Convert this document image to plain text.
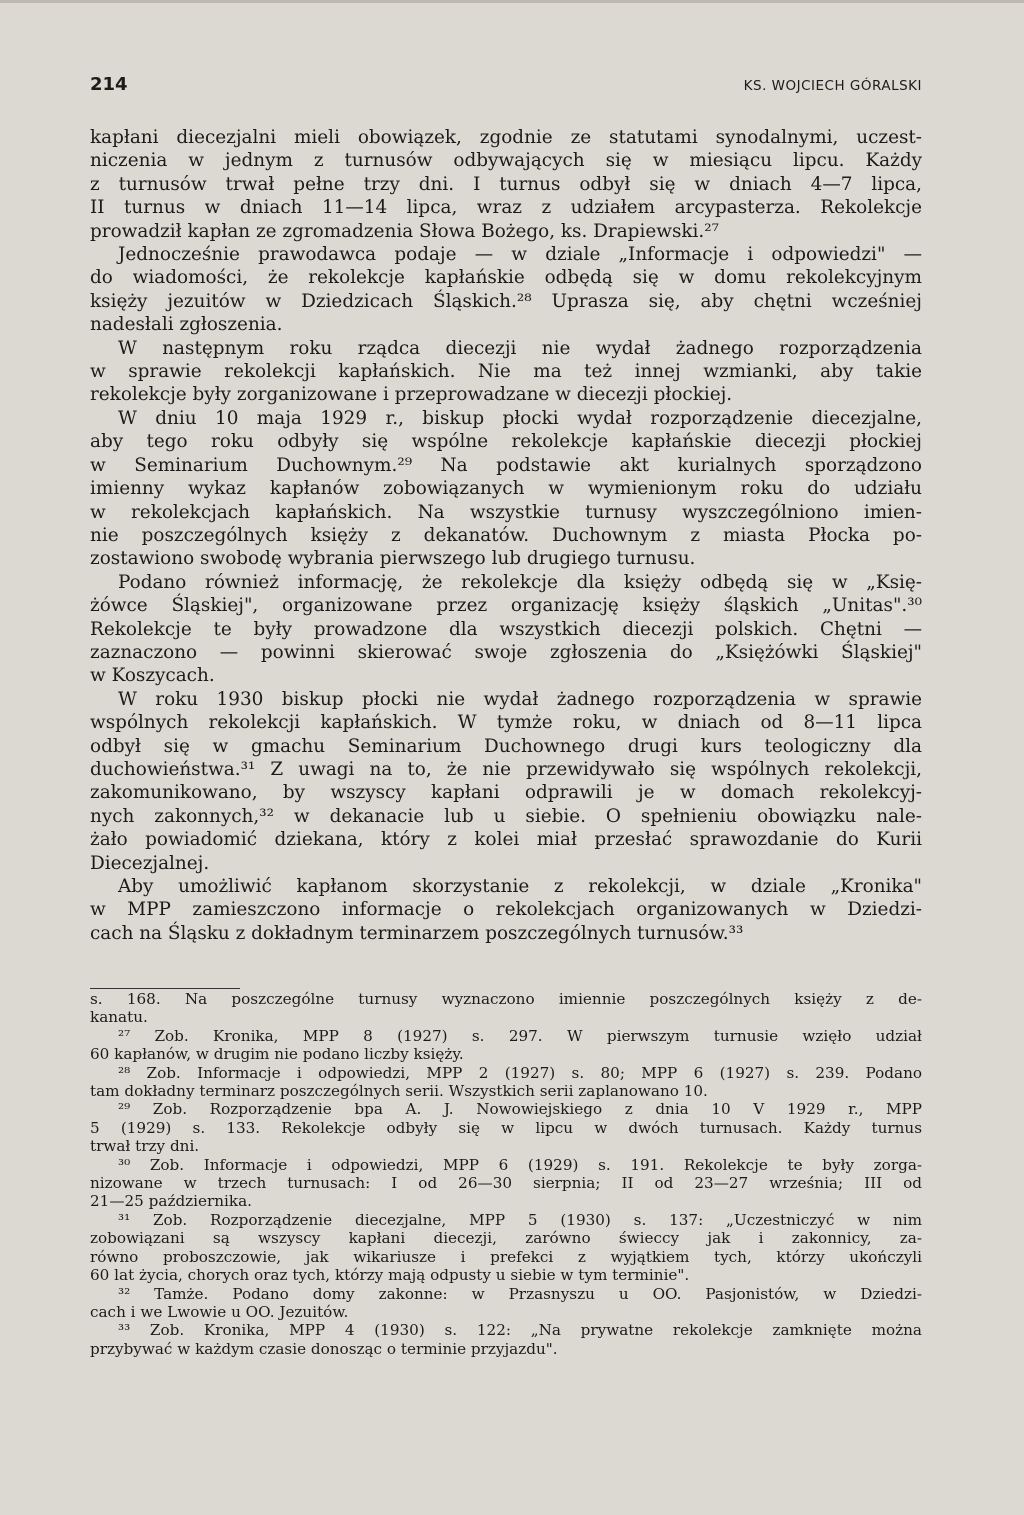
214	KS. WOJCIECH GÓRALSKI
kapłani diecezjalni mieli obowiązek, zgodnie ze statutami synodalnymi, uczest-
niczenia w jednym z turnusów odbywających się w miesiącu lipcu. Każdy
z turnusów trwał pełne trzy dni. I turnus odbył się w dniach 4—7 lipca,
II turnus w dniach 11—14 lipca, wraz z udziałem arcypasterza. Rekolekcje
prowadził kapłan ze zgromadzenia Słowa Bożego, ks. Drapiewski.²⁷
Jednocześnie prawodawca podaje — w dziale „Informacje i odpowiedzi" —
do wiadomości, że rekolekcje kapłańskie odbędą się w domu rekolekcyjnym
księży jezuitów w Dziedzicach Śląskich.²⁸ Uprasza się, aby chętni wcześniej
nadesłali zgłoszenia.
W następnym roku rządca diecezji nie wydał żadnego rozporządzenia
w sprawie rekolekcji kapłańskich. Nie ma też innej wzmianki, aby takie
rekolekcje były zorganizowane i przeprowadzane w diecezji płockiej.
W dniu 10 maja 1929 r., biskup płocki wydał rozporządzenie diecezjalne,
aby tego roku odbyły się wspólne rekolekcje kapłańskie diecezji płockiej
w Seminarium Duchownym.²⁹ Na podstawie akt kurialnych sporządzono
imienny wykaz kapłanów zobowiązanych w wymienionym roku do udziału
w rekolekcjach kapłańskich. Na wszystkie turnusy wyszczególniono imien-
nie poszczególnych księży z dekanatów. Duchownym z miasta Płocka po-
zostawiono swobodę wybrania pierwszego lub drugiego turnusu.
Podano również informację, że rekolekcje dla księży odbędą się w „Księ-
żówce Śląskiej", organizowane przez organizację księży śląskich „Unitas".³⁰
Rekolekcje te były prowadzone dla wszystkich diecezji polskich. Chętni —
zaznaczono — powinni skierować swoje zgłoszenia do „Księżówki Śląskiej"
w Koszycach.
W roku 1930 biskup płocki nie wydał żadnego rozporządzenia w sprawie
wspólnych rekolekcji kapłańskich. W tymże roku, w dniach od 8—11 lipca
odbył się w gmachu Seminarium Duchownego drugi kurs teologiczny dla
duchowieństwa.³¹ Z uwagi na to, że nie przewidywało się wspólnych rekolekcji,
zakomunikowano, by wszyscy kapłani odprawili je w domach rekolekcyj-
nych zakonnych,³² w dekanacie lub u siebie. O spełnieniu obowiązku nale-
żało powiadomić dziekana, który z kolei miał przesłać sprawozdanie do Kurii
Diecezjalnej.
Aby umożliwić kapłanom skorzystanie z rekolekcji, w dziale „Kronika"
w MPP zamieszczono informacje o rekolekcjach organizowanych w Dziedzi-
cach na Śląsku z dokładnym terminarzem poszczególnych turnusów.³³
s. 168. Na poszczególne turnusy wyznaczono imiennie poszczególnych księży z de-
kanatu.
²⁷ Zob. Kronika, MPP 8 (1927) s. 297. W pierwszym turnusie wzięło udział
60 kapłanów, w drugim nie podano liczby księży.
²⁸ Zob. Informacje i odpowiedzi, MPP 2 (1927) s. 80; MPP 6 (1927) s. 239. Podano
tam dokładny terminarz poszczególnych serii. Wszystkich serii zaplanowano 10.
²⁹ Zob. Rozporządzenie bpa A. J. Nowowiejskiego z dnia 10 V 1929 r., MPP
5 (1929) s. 133. Rekolekcje odbyły się w lipcu w dwóch turnusach. Każdy turnus
trwał trzy dni.
³⁰ Zob. Informacje i odpowiedzi, MPP 6 (1929) s. 191. Rekolekcje te były zorga-
nizowane w trzech turnusach: I od 26—30 sierpnia; II od 23—27 września; III od
21—25 października.
³¹ Zob. Rozporządzenie diecezjalne, MPP 5 (1930) s. 137: „Uczestniczyć w nim
zobowiązani są wszyscy kapłani diecezji, zarówno świeccy jak i zakonnicy, za-
równo proboszczowie, jak wikariusze i prefekci z wyjątkiem tych, którzy ukończyli
60 lat życia, chorych oraz tych, którzy mają odpusty u siebie w tym terminie".
³² Tamże. Podano domy zakonne: w Przasnyszu u OO. Pasjonistów, w Dziedzi-
cach i we Lwowie u OO. Jezuitów.
³³ Zob. Kronika, MPP 4 (1930) s. 122: „Na prywatne rekolekcje zamknięte można
przybywać w każdym czasie donosząc o terminie przyjazdu".
